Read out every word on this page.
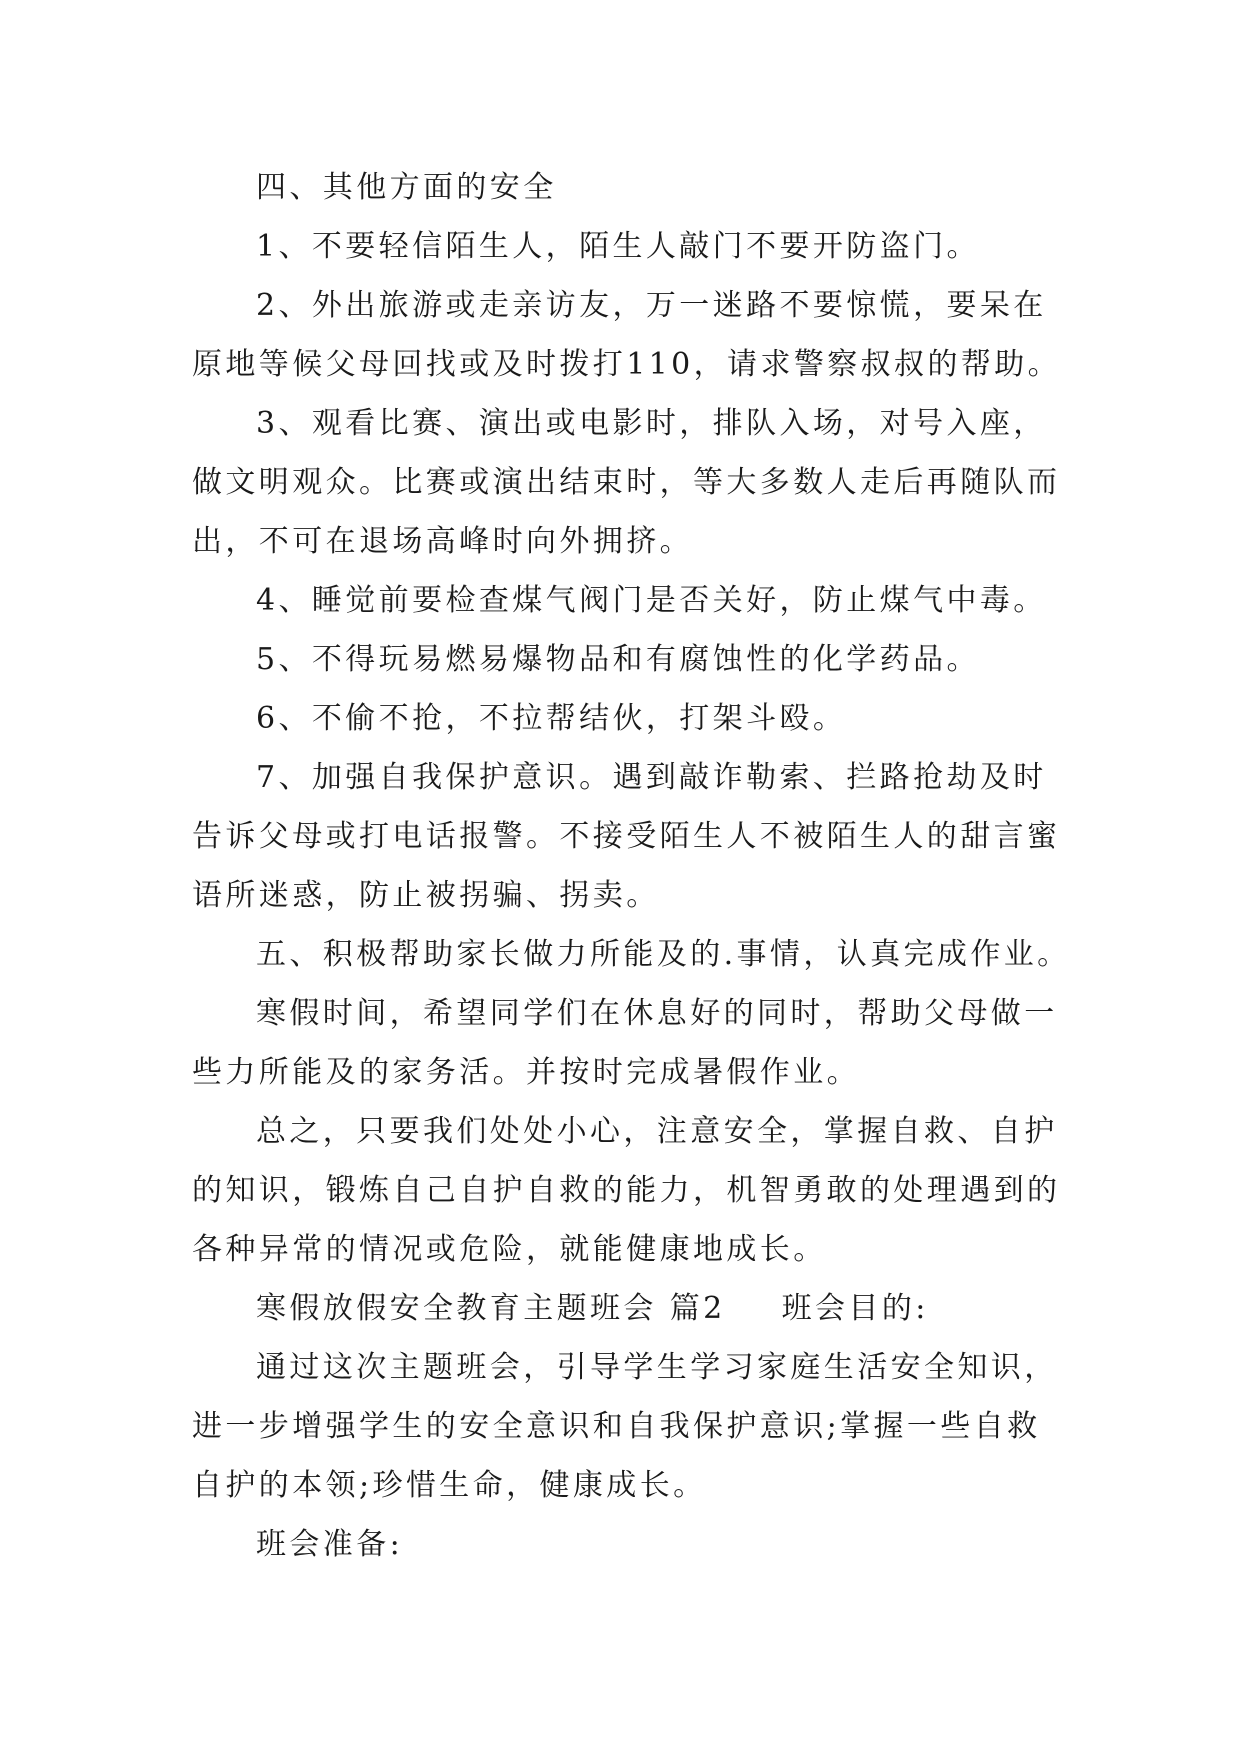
四、其他方面的安全

1、不要轻信陌生人，陌生人敲门不要开防盗门。

2、外出旅游或走亲访友，万一迷路不要惊慌，要呆在原地等候父母回找或及时拨打110，请求警察叔叔的帮助。

3、观看比赛、演出或电影时，排队入场，对号入座，做文明观众。比赛或演出结束时，等大多数人走后再随队而出，不可在退场高峰时向外拥挤。

4、睡觉前要检查煤气阀门是否关好，防止煤气中毒。

5、不得玩易燃易爆物品和有腐蚀性的化学药品。

6、不偷不抢，不拉帮结伙，打架斗殴。

7、加强自我保护意识。遇到敲诈勒索、拦路抢劫及时告诉父母或打电话报警。不接受陌生人不被陌生人的甜言蜜语所迷惑，防止被拐骗、拐卖。

五、积极帮助家长做力所能及的.事情，认真完成作业。

寒假时间，希望同学们在休息好的同时，帮助父母做一些力所能及的家务活。并按时完成暑假作业。

总之，只要我们处处小心，注意安全，掌握自救、自护的知识，锻炼自己自护自救的能力，机智勇敢的处理遇到的各种异常的情况或危险，就能健康地成长。

寒假放假安全教育主题班会 篇2 班会目的:

通过这次主题班会，引导学生学习家庭生活安全知识，进一步增强学生的安全意识和自我保护意识;掌握一些自救自护的本领;珍惜生命，健康成长。

班会准备:
